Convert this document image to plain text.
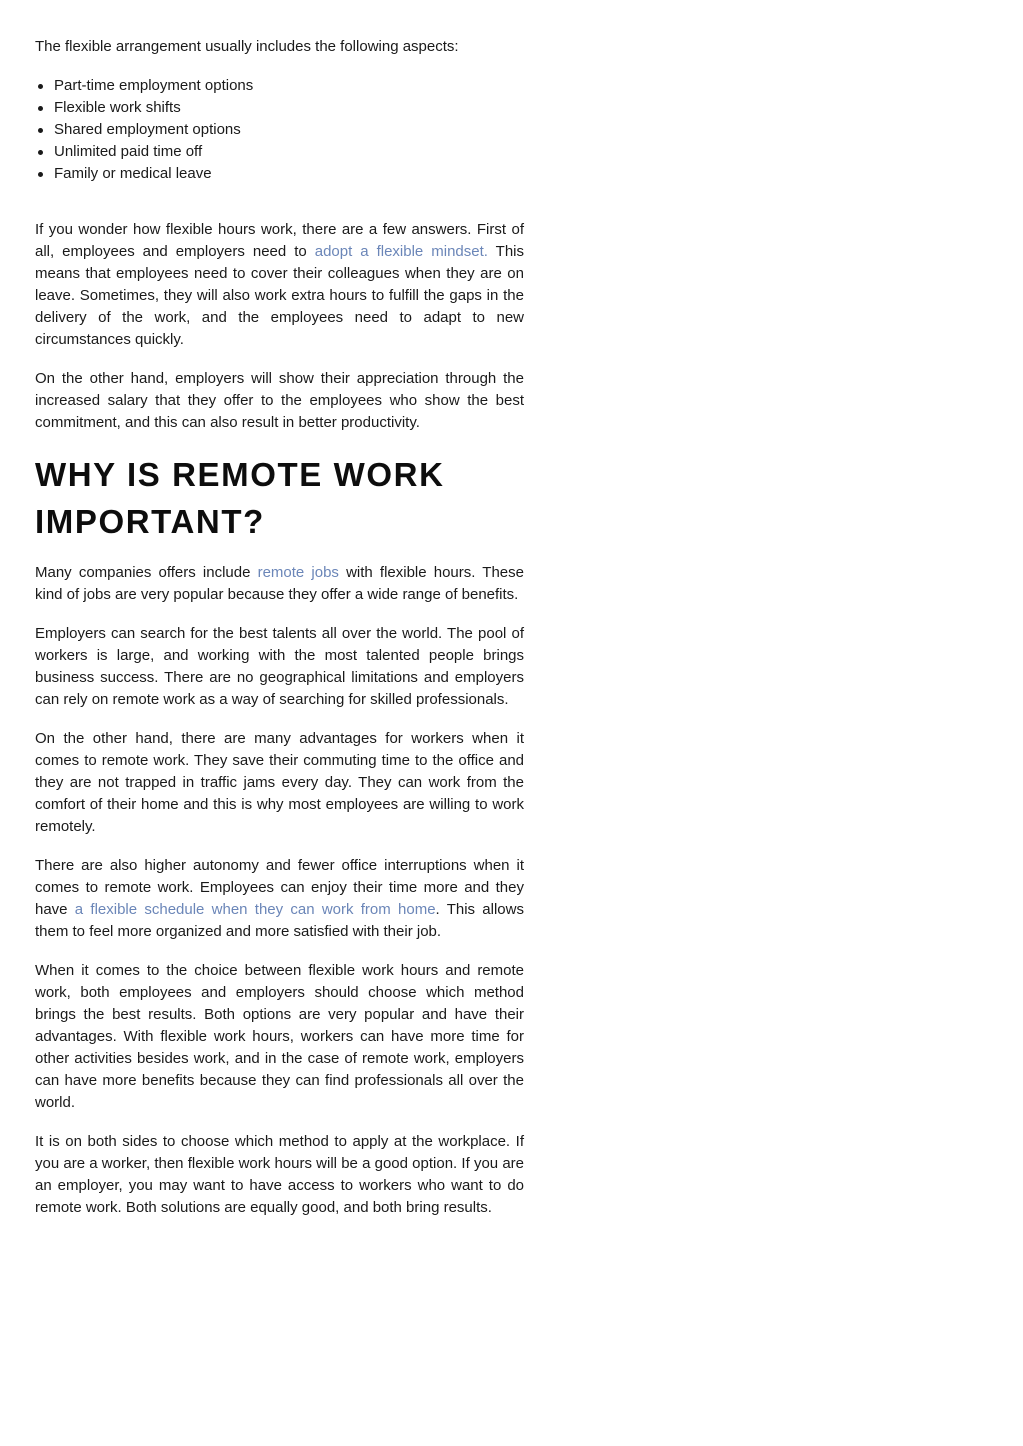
The flexible arrangement usually includes the following aspects:

Part-time employment options
Flexible work shifts
Shared employment options
Unlimited paid time off
Family or medical leave

If you wonder how flexible hours work, there are a few answers. First of all, employees and employers need to adopt a flexible mindset. This means that employees need to cover their colleagues when they are on leave. Sometimes, they will also work extra hours to fulfill the gaps in the delivery of the work, and the employees need to adapt to new circumstances quickly.

On the other hand, employers will show their appreciation through the increased salary that they offer to the employees who show the best commitment, and this can also result in better productivity.

WHY IS REMOTE WORK IMPORTANT?

Many companies offers include remote jobs with flexible hours. These kind of jobs are very popular because they offer a wide range of benefits.

Employers can search for the best talents all over the world. The pool of workers is large, and working with the most talented people brings business success. There are no geographical limitations and employers can rely on remote work as a way of searching for skilled professionals.

On the other hand, there are many advantages for workers when it comes to remote work. They save their commuting time to the office and they are not trapped in traffic jams every day. They can work from the comfort of their home and this is why most employees are willing to work remotely.

There are also higher autonomy and fewer office interruptions when it comes to remote work. Employees can enjoy their time more and they have a flexible schedule when they can work from home. This allows them to feel more organized and more satisfied with their job.

When it comes to the choice between flexible work hours and remote work, both employees and employers should choose which method brings the best results. Both options are very popular and have their advantages. With flexible work hours, workers can have more time for other activities besides work, and in the case of remote work, employers can have more benefits because they can find professionals all over the world.

It is on both sides to choose which method to apply at the workplace. If you are a worker, then flexible work hours will be a good option. If you are an employer, you may want to have access to workers who want to do remote work. Both solutions are equally good, and both bring results.
